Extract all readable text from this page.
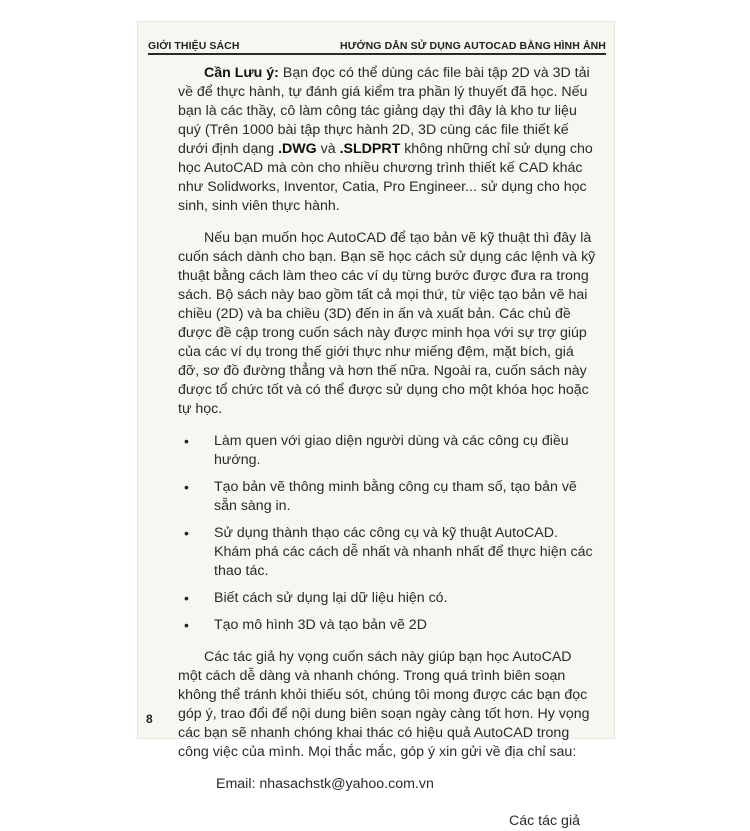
GIỚI THIỆU SÁCH	HƯỚNG DẪN SỬ DỤNG AUTOCAD BẰNG HÌNH ẢNH

Cần Lưu ý: Bạn đọc có thể dùng các file bài tập 2D và 3D tải về để thực hành, tự đánh giá kiểm tra phần lý thuyết đã học. Nếu bạn là các thầy, cô làm công tác giảng dạy thì đây là kho tư liệu quý (Trên 1000 bài tập thực hành 2D, 3D cùng các file thiết kế dưới định dạng .DWG và .SLDPRT không những chỉ sử dụng cho học AutoCAD mà còn cho nhiều chương trình thiết kế CAD khác như Solidworks, Inventor, Catia, Pro Engineer... sử dụng cho học sinh, sinh viên thực hành.

Nếu bạn muốn học AutoCAD để tạo bản vẽ kỹ thuật thì đây là cuốn sách dành cho bạn. Bạn sẽ học cách sử dụng các lệnh và kỹ thuật bằng cách làm theo các ví dụ từng bước được đưa ra trong sách. Bộ sách này bao gồm tất cả mọi thứ, từ việc tạo bản vẽ hai chiều (2D) và ba chiều (3D) đến in ấn và xuất bản. Các chủ đề được đề cập trong cuốn sách này được minh họa với sự trợ giúp của các ví dụ trong thế giới thực như miếng đệm, mặt bích, giá đỡ, sơ đồ đường thẳng và hơn thế nữa. Ngoài ra, cuốn sách này được tổ chức tốt và có thể được sử dụng cho một khóa học hoặc tự học.

• Làm quen với giao diện người dùng và các công cụ điều hướng.
• Tạo bản vẽ thông minh bằng công cụ tham số, tạo bản vẽ sẵn sàng in.
• Sử dụng thành thạo các công cụ và kỹ thuật AutoCAD. Khám phá các cách dễ nhất và nhanh nhất để thực hiện các thao tác.
• Biết cách sử dụng lại dữ liệu hiện có.
• Tạo mô hình 3D và tạo bản vẽ 2D

Các tác giả hy vọng cuốn sách này giúp bạn học AutoCAD một cách dễ dàng và nhanh chóng. Trong quá trình biên soạn không thể tránh khỏi thiếu sót, chúng tôi mong được các bạn đọc góp ý, trao đổi để nội dung biên soạn ngày càng tốt hơn. Hy vọng các bạn sẽ nhanh chóng khai thác có hiệu quả AutoCAD trong công việc của mình. Mọi thắc mắc, góp ý xin gửi về địa chỉ sau:

Email: nhasachstk@yahoo.com.vn
Các tác giả
8
